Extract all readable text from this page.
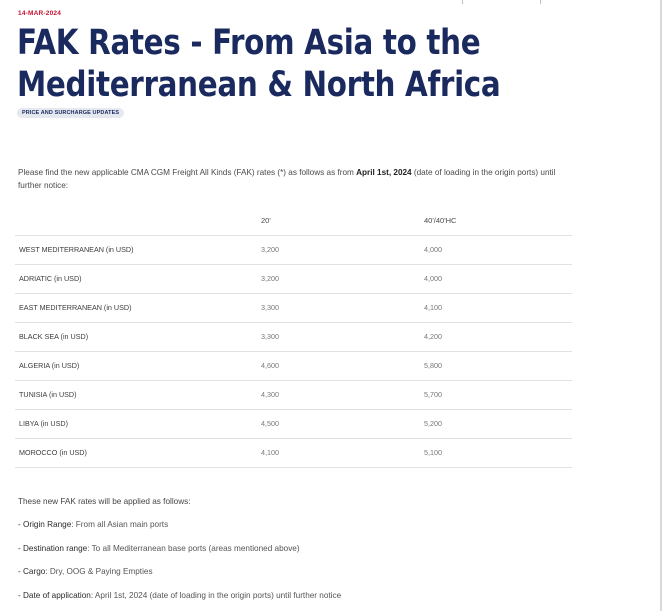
14-MAR-2024
FAK Rates - From Asia to the
Mediterranean & North Africa
PRICE AND SURCHARGE UPDATES

Please find the new applicable CMA CGM Freight All Kinds (FAK) rates (*) as follows as from April 1st, 2024 (date of loading in the origin ports) until further notice:

	20'	40'/40'HC
WEST MEDITERRANEAN (in USD)	3,200	4,000
ADRIATIC (in USD)	3,200	4,000
EAST MEDITERRANEAN (in USD)	3,300	4,100
BLACK SEA (in USD)	3,300	4,200
ALGERIA (in USD)	4,600	5,800
TUNISIA (in USD)	4,300	5,700
LIBYA (in USD)	4,500	5,200
MOROCCO (in USD)	4,100	5,100

These new FAK rates will be applied as follows:

- Origin Range: From all Asian main ports

- Destination range: To all Mediterranean base ports (areas mentioned above)

- Cargo: Dry, OOG & Paying Empties

- Date of application: April 1st, 2024 (date of loading in the origin ports) until further notice
